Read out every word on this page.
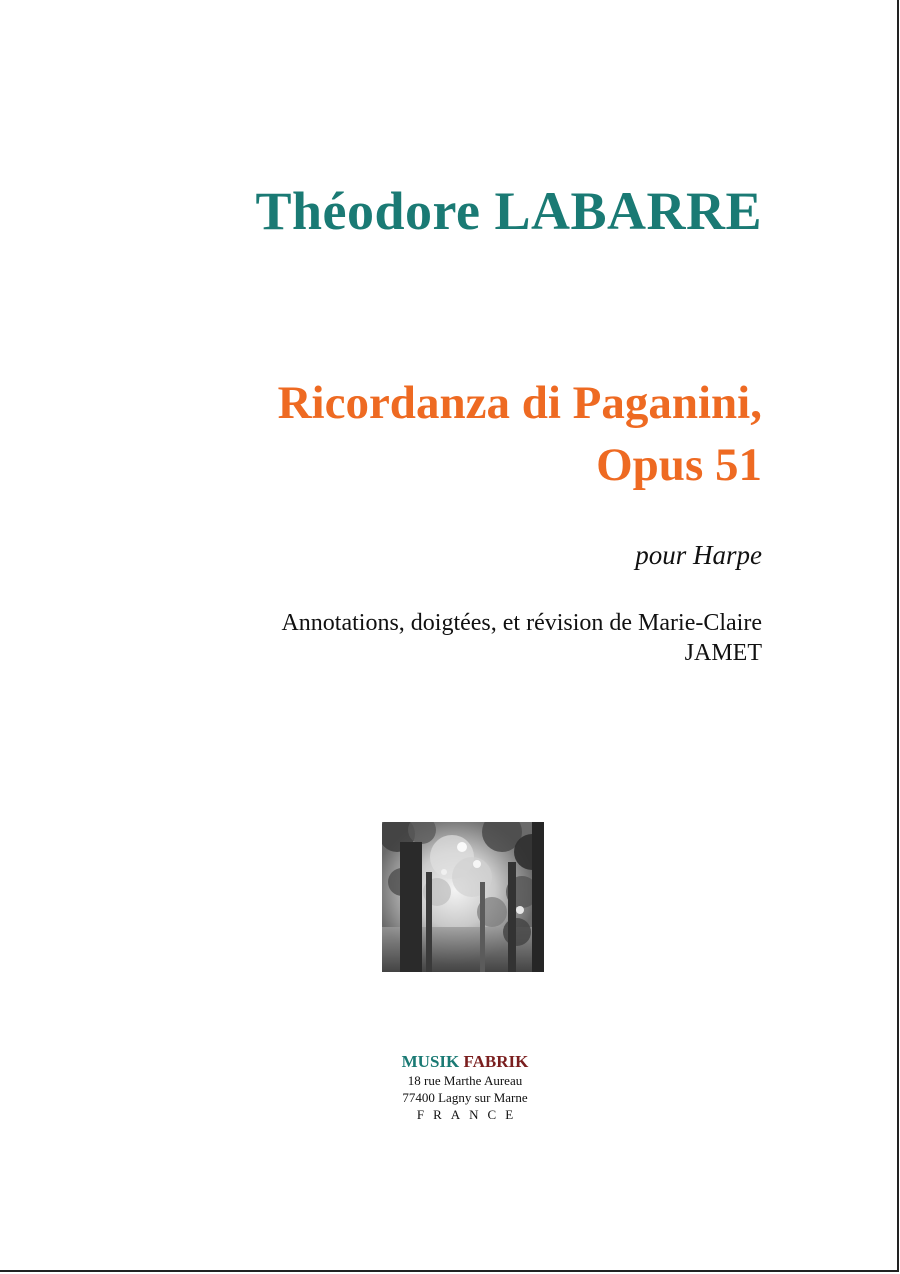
Théodore LABARRE
Ricordanza di Paganini,
Opus 51
pour Harpe
Annotations, doigtées, et révision de Marie-Claire
JAMET
MUSIK FABRIK
18 rue Marthe Aureau
77400 Lagny sur Marne
FRANCE
